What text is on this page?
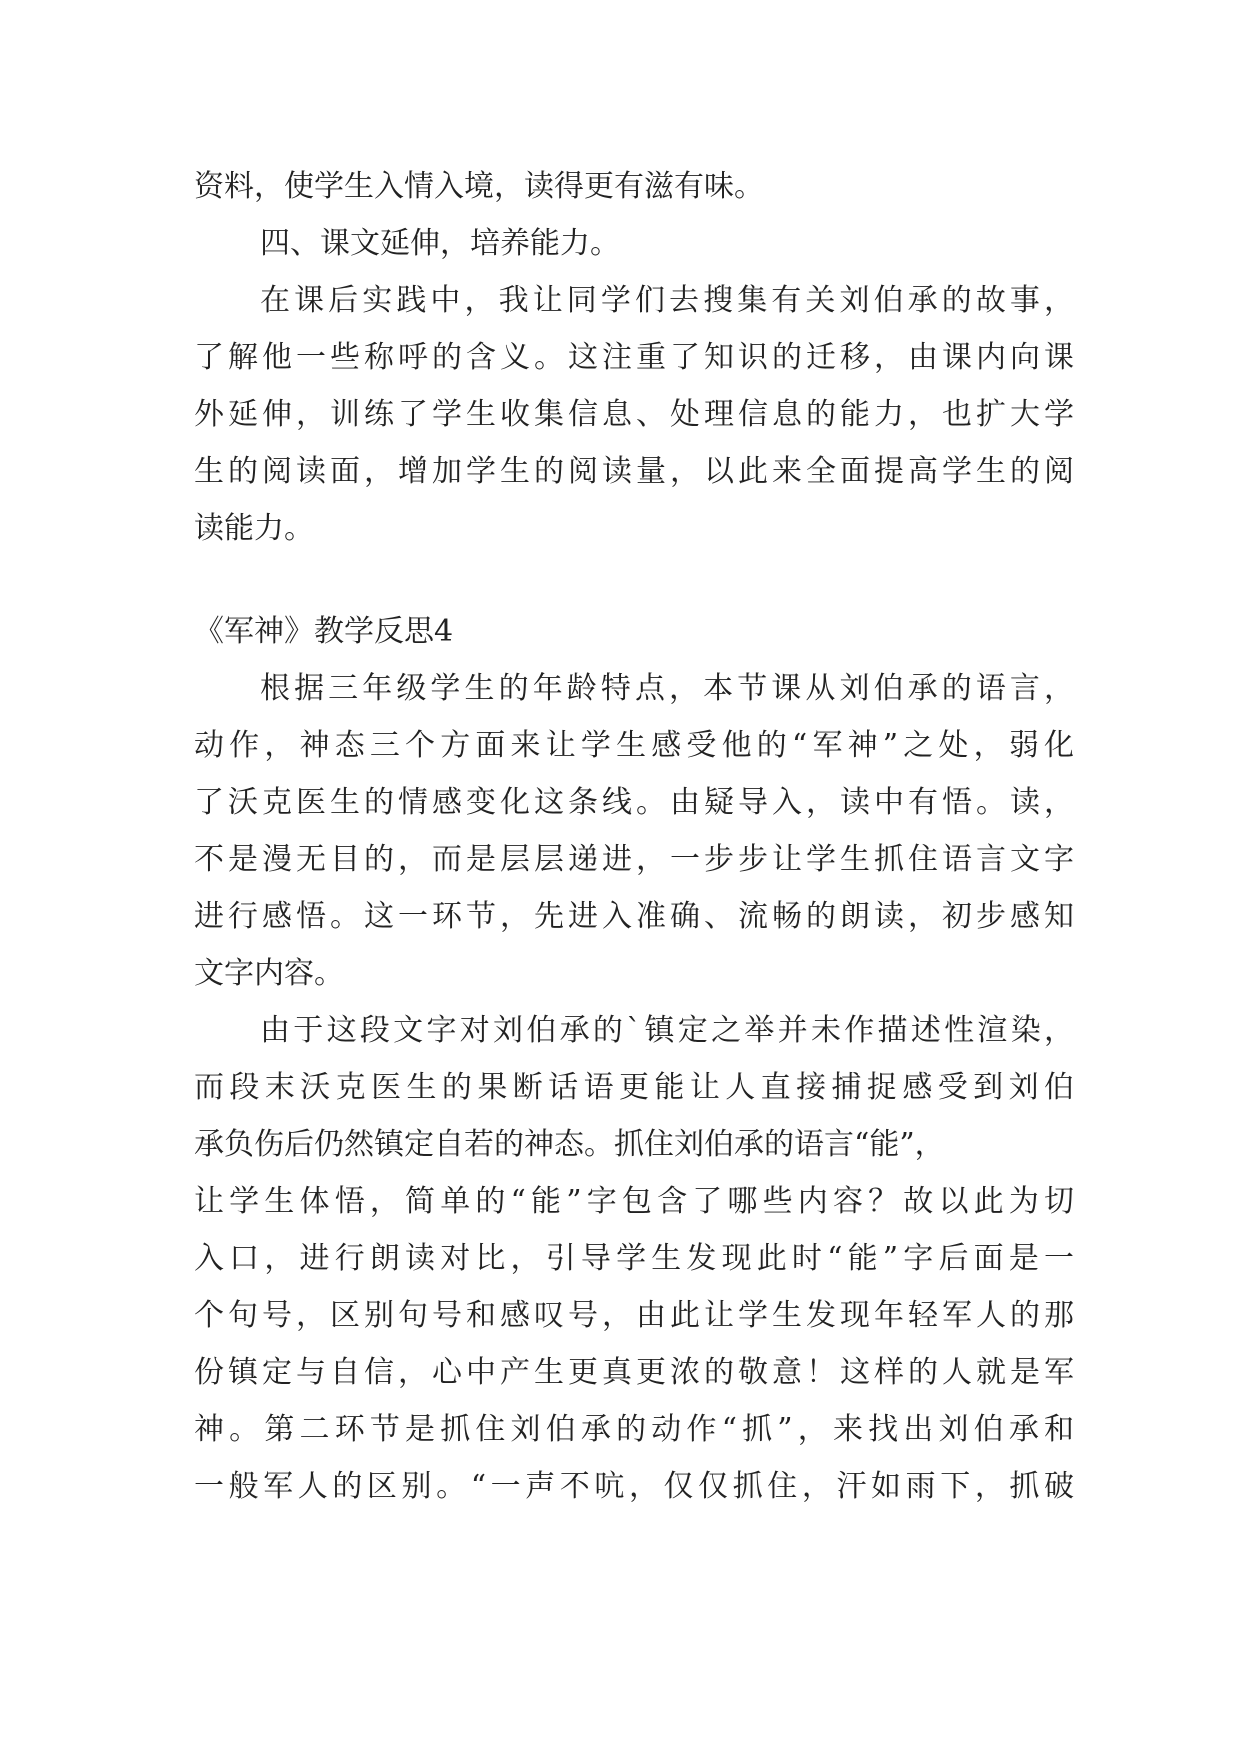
资料，使学生入情入境，读得更有滋有味。
四、课文延伸，培养能力。
在课后实践中，我让同学们去搜集有关刘伯承的故事，
了解他一些称呼的含义。这注重了知识的迁移，由课内向课
外延伸，训练了学生收集信息、处理信息的能力，也扩大学
生的阅读面，增加学生的阅读量，以此来全面提高学生的阅
读能力。
《军神》教学反思4
根据三年级学生的年龄特点，本节课从刘伯承的语言，
动作，神态三个方面来让学生感受他的“军神”之处，弱化
了沃克医生的情感变化这条线。由疑导入，读中有悟。读，
不是漫无目的，而是层层递进，一步步让学生抓住语言文字
进行感悟。这一环节，先进入准确、流畅的朗读，初步感知
文字内容。
由于这段文字对刘伯承的`镇定之举并未作描述性渲染，
而段末沃克医生的果断话语更能让人直接捕捉感受到刘伯
承负伤后仍然镇定自若的神态。抓住刘伯承的语言“能”，
让学生体悟，简单的“能”字包含了哪些内容？故以此为切
入口，进行朗读对比，引导学生发现此时“能”字后面是一
个句号，区别句号和感叹号，由此让学生发现年轻军人的那
份镇定与自信，心中产生更真更浓的敬意！这样的人就是军
神。第二环节是抓住刘伯承的动作“抓”，来找出刘伯承和
一般军人的区别。“一声不吭，仅仅抓住，汗如雨下，抓破
